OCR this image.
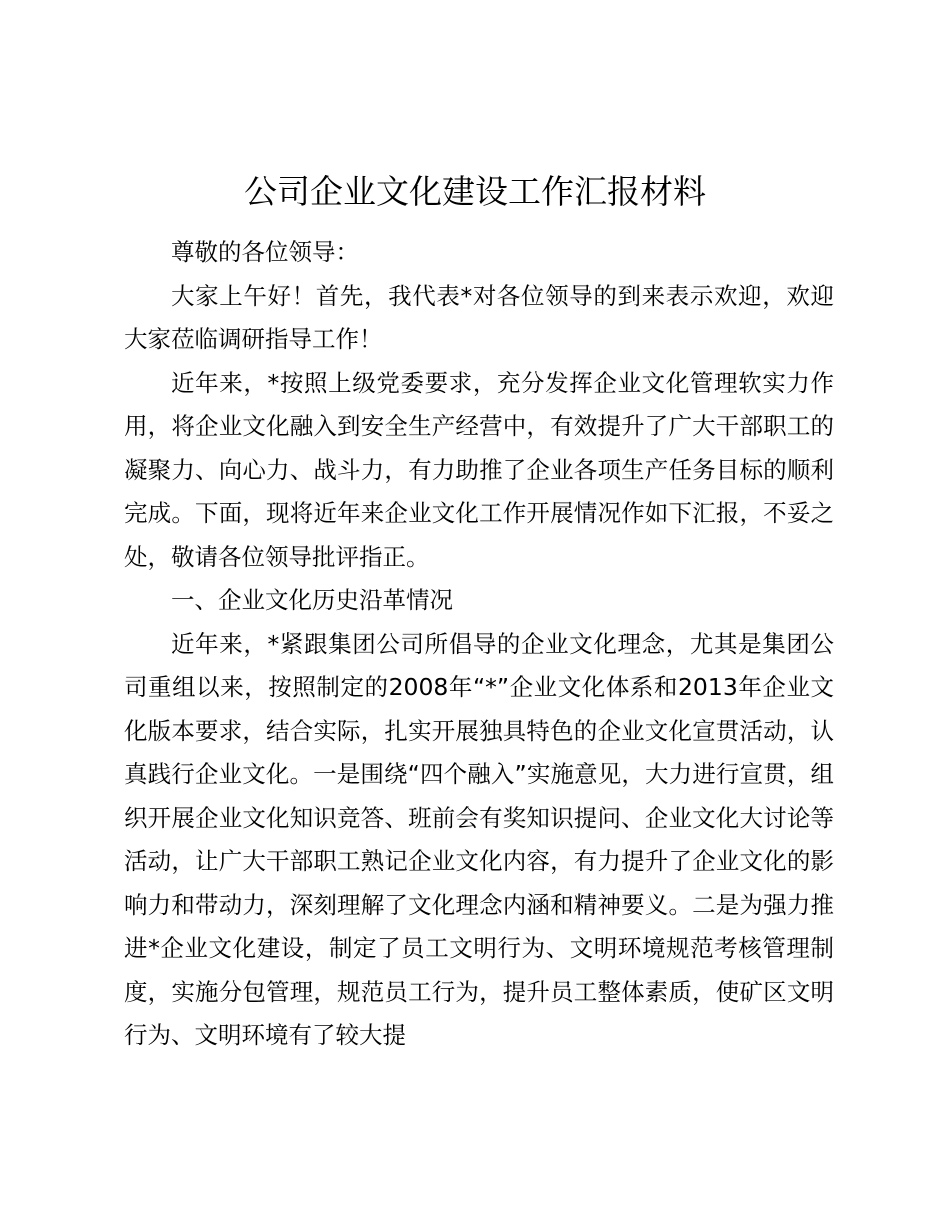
公司企业文化建设工作汇报材料

尊敬的各位领导：

大家上午好！首先，我代表*对各位领导的到来表示欢迎，欢迎大家莅临调研指导工作！

近年来，*按照上级党委要求，充分发挥企业文化管理软实力作用，将企业文化融入到安全生产经营中，有效提升了广大干部职工的凝聚力、向心力、战斗力，有力助推了企业各项生产任务目标的顺利完成。下面，现将近年来企业文化工作开展情况作如下汇报，不妥之处，敬请各位领导批评指正。

一、企业文化历史沿革情况

近年来，*紧跟集团公司所倡导的企业文化理念，尤其是集团公司重组以来，按照制定的2008年“*”企业文化体系和2013年企业文化版本要求，结合实际，扎实开展独具特色的企业文化宣贯活动，认真践行企业文化。一是围绕“四个融入”实施意见，大力进行宣贯，组织开展企业文化知识竞答、班前会有奖知识提问、企业文化大讨论等活动，让广大干部职工熟记企业文化内容，有力提升了企业文化的影响力和带动力，深刻理解了文化理念内涵和精神要义。二是为强力推进*企业文化建设，制定了员工文明行为、文明环境规范考核管理制度，实施分包管理，规范员工行为，提升员工整体素质，使矿区文明行为、文明环境有了较大提
